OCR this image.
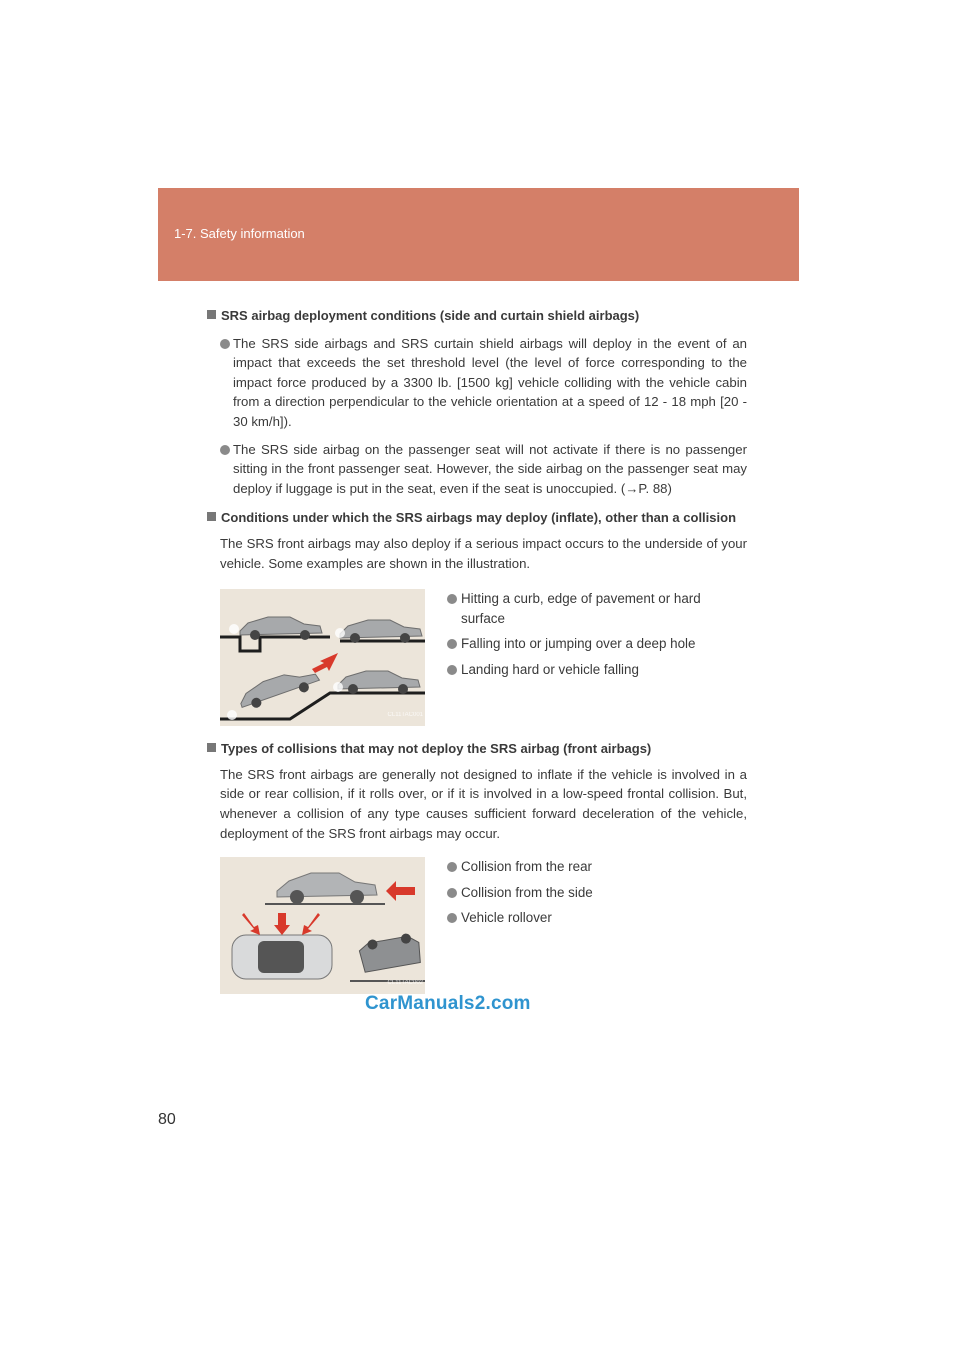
1-7. Safety information
SRS airbag deployment conditions (side and curtain shield airbags)
The SRS side airbags and SRS curtain shield airbags will deploy in the event of an impact that exceeds the set threshold level (the level of force corresponding to the impact force produced by a 3300 lb. [1500 kg] vehicle colliding with the vehicle cabin from a direction perpendicular to the vehicle orientation at a speed of 12 - 18 mph [20 - 30 km/h]).
The SRS side airbag on the passenger seat will not activate if there is no passenger sitting in the front passenger seat. However, the side airbag on the passenger seat may deploy if luggage is put in the seat, even if the seat is unoccupied. (→P. 88)
Conditions under which the SRS airbags may deploy (inflate), other than a collision
The SRS front airbags may also deploy if a serious impact occurs to the underside of your vehicle. Some examples are shown in the illustration.
CL11TAC001
Hitting a curb, edge of pavement or hard surface
Falling into or jumping over a deep hole
Landing hard or vehicle falling
Types of collisions that may not deploy the SRS airbag (front airbags)
The SRS front airbags are generally not designed to inflate if the vehicle is involved in a side or rear collision, if it rolls over, or if it is involved in a low-speed frontal collision. But, whenever a collision of any type causes sufficient forward deceleration of the vehicle, deployment of the SRS front airbags may occur.
CL11TAC002
Collision from the rear
Collision from the side
Vehicle rollover
CarManuals2.com
80
